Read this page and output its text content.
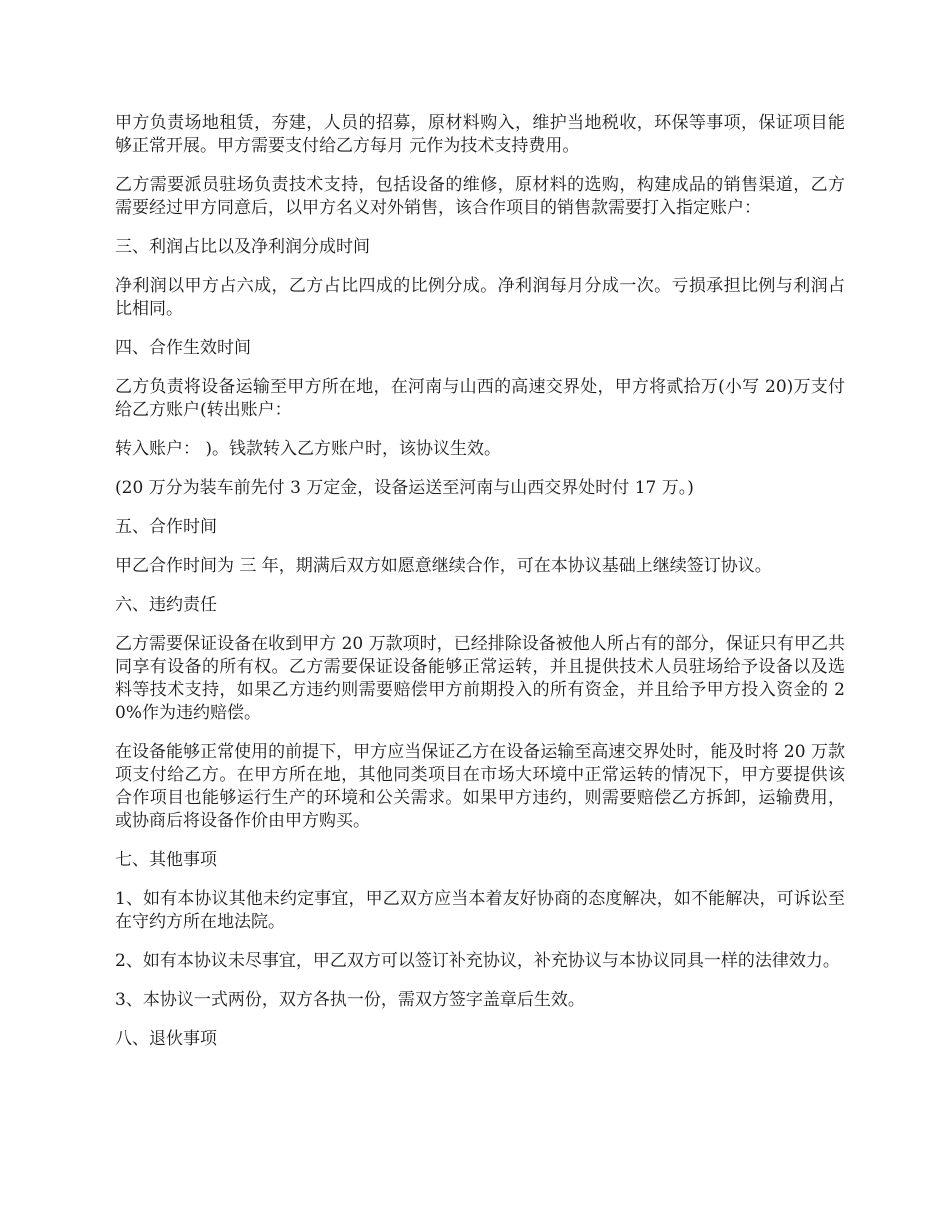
甲方负责场地租赁，夯建，人员的招募，原材料购入，维护当地税收，环保等事项，保证项目能够正常开展。甲方需要支付给乙方每月 元作为技术支持费用。

乙方需要派员驻场负责技术支持，包括设备的维修，原材料的选购，构建成品的销售渠道，乙方需要经过甲方同意后，以甲方名义对外销售，该合作项目的销售款需要打入指定账户：

三、利润占比以及净利润分成时间

净利润以甲方占六成，乙方占比四成的比例分成。净利润每月分成一次。亏损承担比例与利润占比相同。

四、合作生效时间

乙方负责将设备运输至甲方所在地，在河南与山西的高速交界处，甲方将贰拾万(小写 20)万支付给乙方账户(转出账户：

转入账户： )。钱款转入乙方账户时，该协议生效。

(20 万分为装车前先付 3 万定金，设备运送至河南与山西交界处时付 17 万。)

五、合作时间

甲乙合作时间为 三 年，期满后双方如愿意继续合作，可在本协议基础上继续签订协议。

六、违约责任

乙方需要保证设备在收到甲方 20 万款项时，已经排除设备被他人所占有的部分，保证只有甲乙共同享有设备的所有权。乙方需要保证设备能够正常运转，并且提供技术人员驻场给予设备以及选料等技术支持，如果乙方违约则需要赔偿甲方前期投入的所有资金，并且给予甲方投入资金的 20%作为违约赔偿。

在设备能够正常使用的前提下，甲方应当保证乙方在设备运输至高速交界处时，能及时将 20 万款项支付给乙方。在甲方所在地，其他同类项目在市场大环境中正常运转的情况下，甲方要提供该合作项目也能够运行生产的环境和公关需求。如果甲方违约，则需要赔偿乙方拆卸，运输费用，或协商后将设备作价由甲方购买。

七、其他事项

1、如有本协议其他未约定事宜，甲乙双方应当本着友好协商的态度解决，如不能解决，可诉讼至在守约方所在地法院。

2、如有本协议未尽事宜，甲乙双方可以签订补充协议，补充协议与本协议同具一样的法律效力。

3、本协议一式两份，双方各执一份，需双方签字盖章后生效。

八、退伙事项
